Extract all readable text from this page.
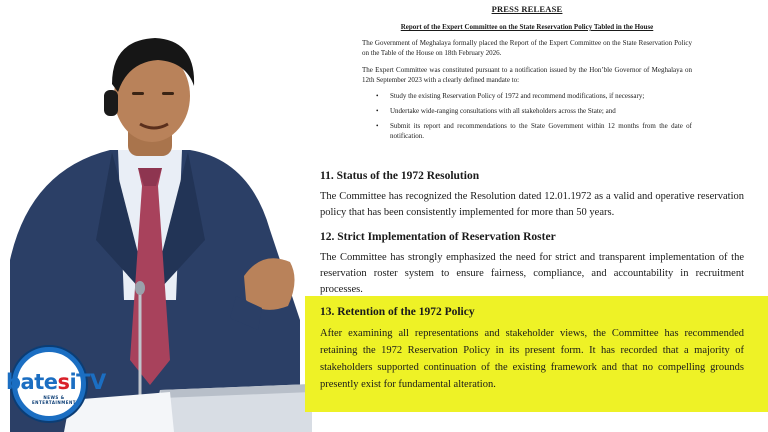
PRESS RELEASE
Report of the Expert Committee on the State Reservation Policy Tabled in the House

The Government of Meghalaya formally placed the Report of the Expert Committee on the State Reservation Policy on the Table of the House on 18th February 2026.

The Expert Committee was constituted pursuant to a notification issued by the Hon’ble Governor of Meghalaya on 12th September 2023 with a clearly defined mandate to:

• Study the existing Reservation Policy of 1972 and recommend modifications, if necessary;
• Undertake wide-ranging consultations with all stakeholders across the State; and
• Submit its report and recommendations to the State Government within 12 months from the date of notification.
11. Status of the 1972 Resolution

The Committee has recognized the Resolution dated 12.01.1972 as a valid and operative reservation policy that has been consistently implemented for more than 50 years.

12. Strict Implementation of Reservation Roster

The Committee has strongly emphasized the need for strict and transparent implementation of the reservation roster system to ensure fairness, compliance, and accountability in recruitment processes.

13. Retention of the 1972 Policy

After examining all representations and stakeholder views, the Committee has recommended retaining the 1972 Reservation Policy in its present form. It has recorded that a majority of stakeholders supported continuation of the existing framework and that no compelling grounds presently exist for fundamental alteration.

batesiTV
NEWS & ENTERTAINMENT
